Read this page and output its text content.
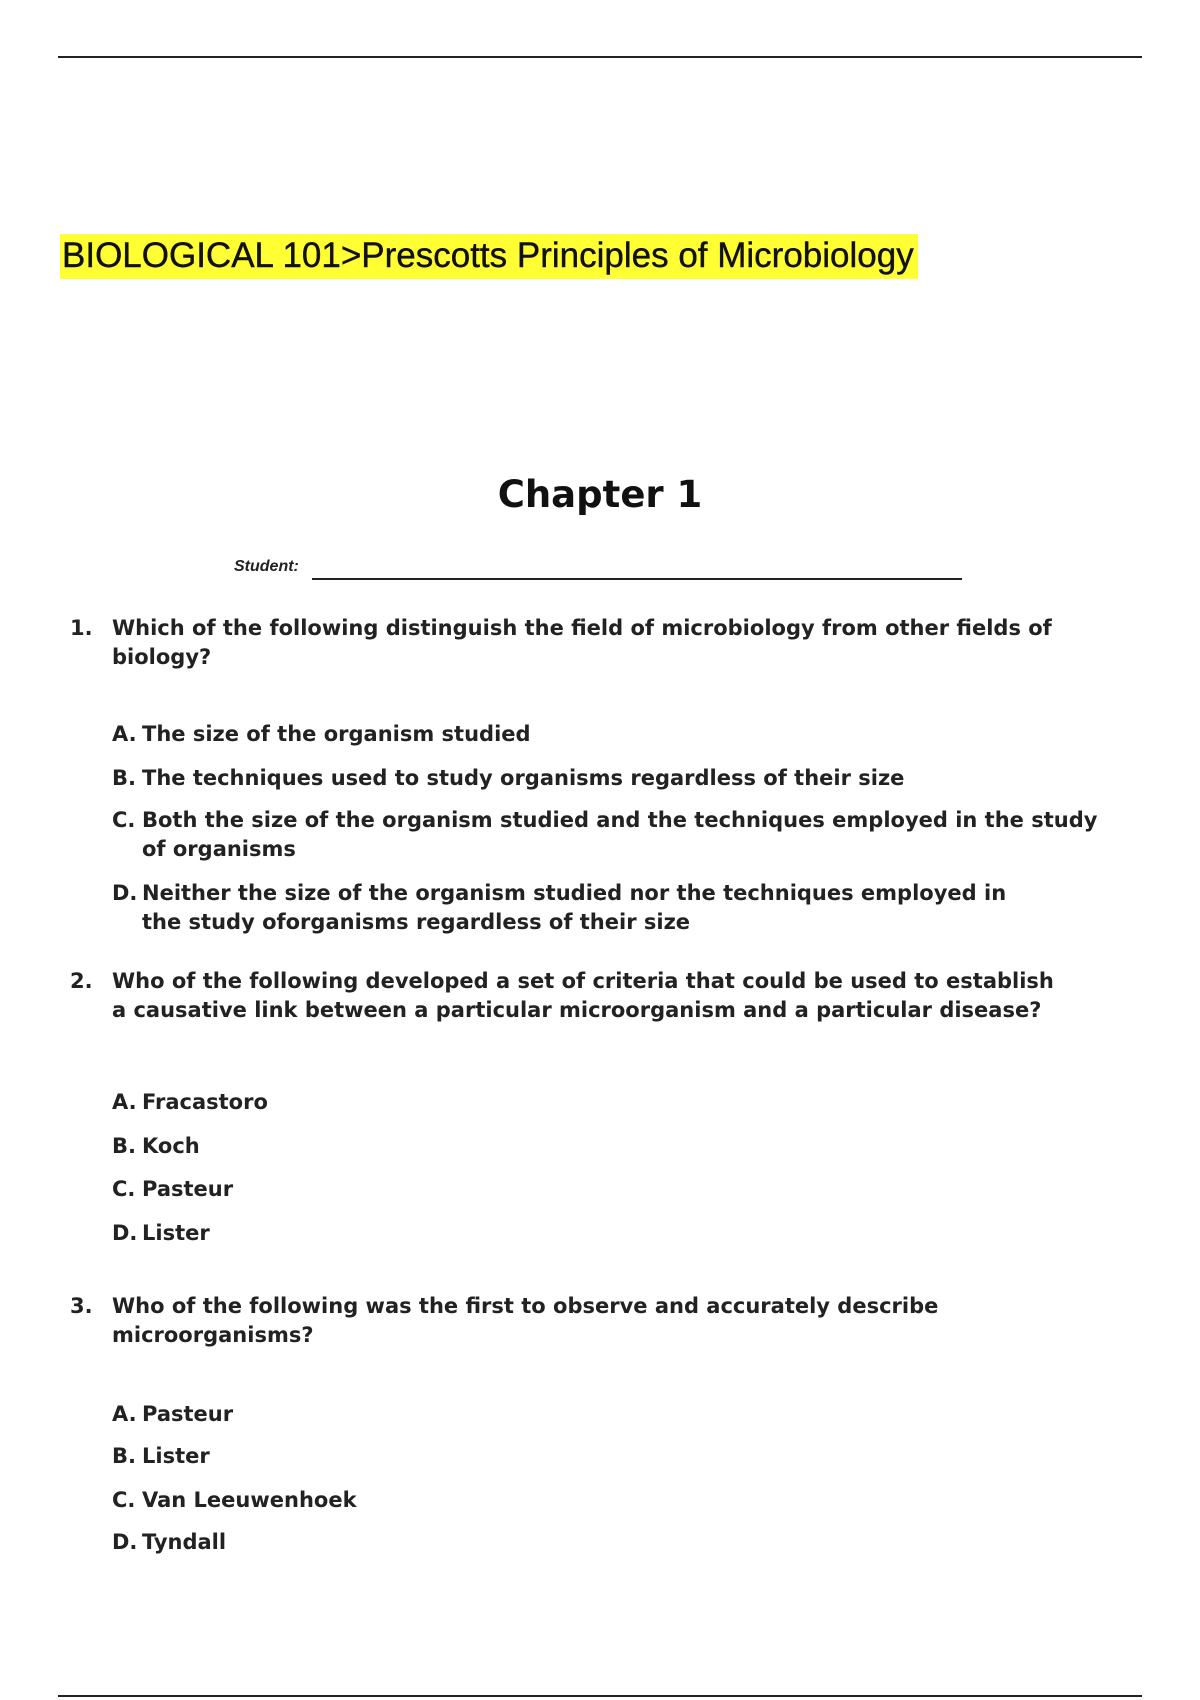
BIOLOGICAL 101>Prescotts Principles of Microbiology
Chapter 1
Student:
1. Which of the following distinguish the field of microbiology from other fields of biology?
A. The size of the organism studied
B. The techniques used to study organisms regardless of their size
C. Both the size of the organism studied and the techniques employed in the study of organisms
D. Neither the size of the organism studied nor the techniques employed in the study oforganisms regardless of their size
2. Who of the following developed a set of criteria that could be used to establish a causative link between a particular microorganism and a particular disease?
A. Fracastoro
B. Koch
C. Pasteur
D. Lister
3. Who of the following was the first to observe and accurately describe microorganisms?
A. Pasteur
B. Lister
C. Van Leeuwenhoek
D. Tyndall
